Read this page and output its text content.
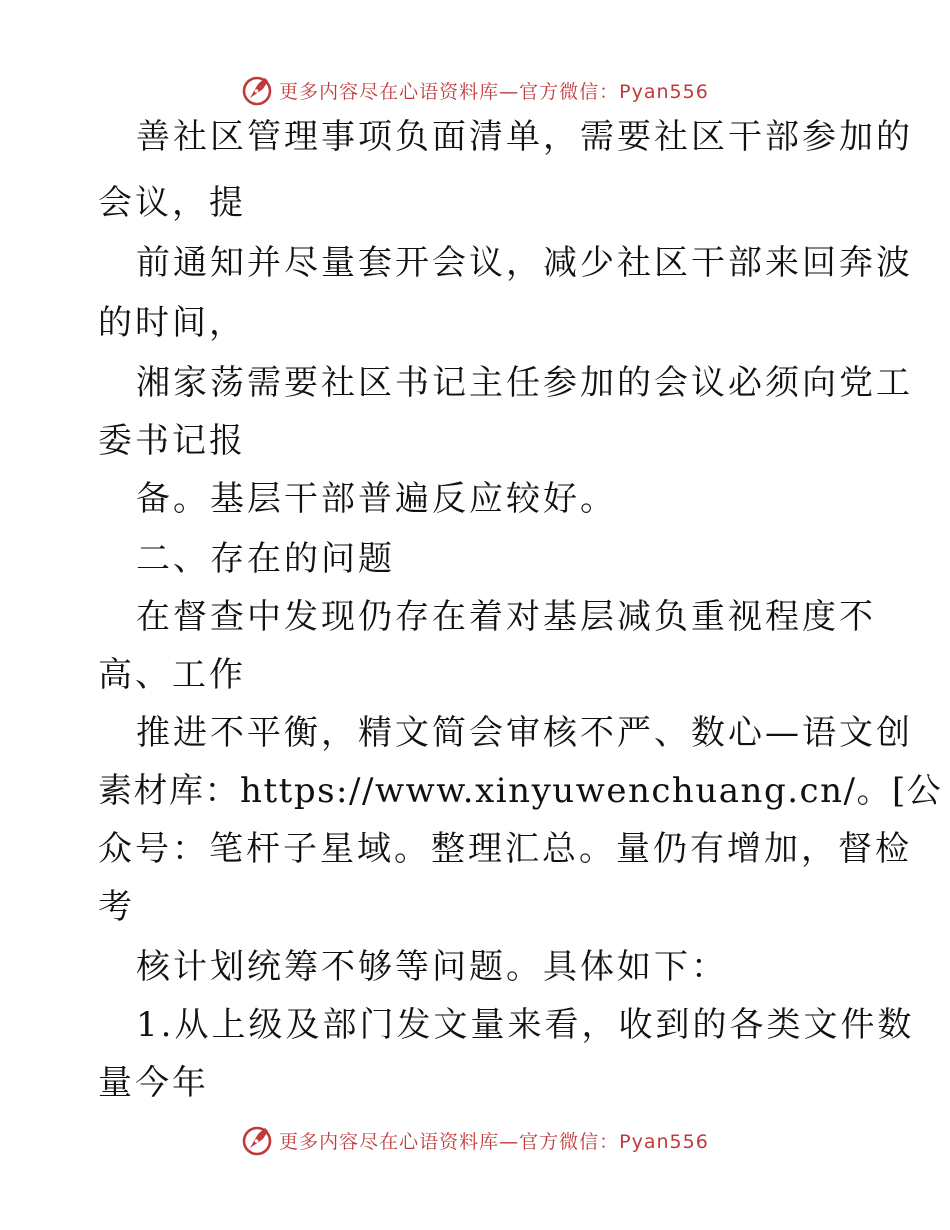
更多内容尽在心语资料库—官方微信：Pyan556
善社区管理事项负面清单，需要社区干部参加的
会议，提
前通知并尽量套开会议，减少社区干部来回奔波
的时间，
湘家荡需要社区书记主任参加的会议必须向党工
委书记报
备。基层干部普遍反应较好。
二、存在的问题
在督查中发现仍存在着对基层减负重视程度不
高、工作
推进不平衡，精文简会审核不严、数心—语文创
素材库：https://www.xinyuwenchuang.cn/。[公
众号：笔杆子星域。整理汇总。量仍有增加，督检
考
核计划统筹不够等问题。具体如下：
1.从上级及部门发文量来看，收到的各类文件数
量今年
更多内容尽在心语资料库—官方微信：Pyan556
